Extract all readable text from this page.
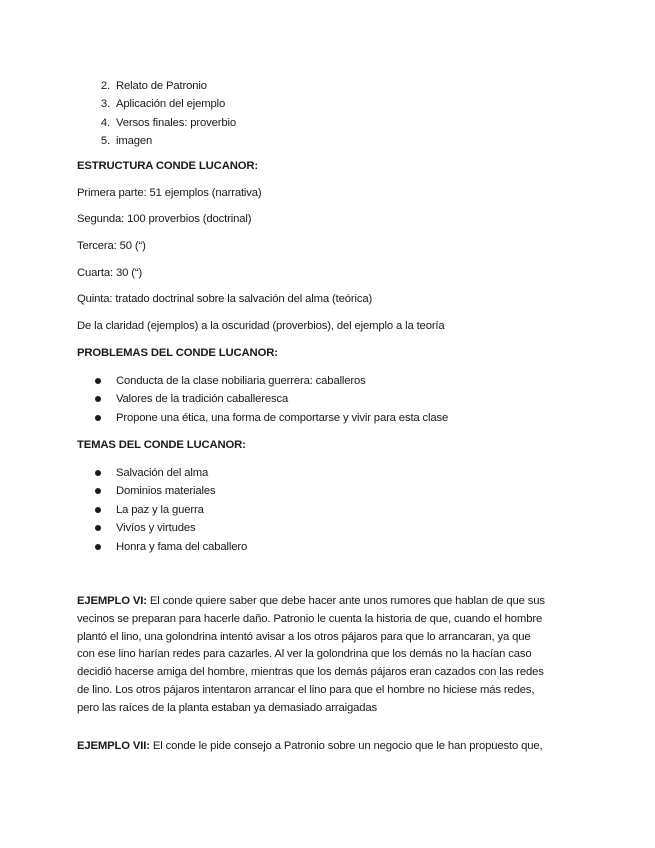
2. Relato de Patronio
3. Aplicación del ejemplo
4. Versos finales: proverbio
5. imagen
ESTRUCTURA CONDE LUCANOR:
Primera parte: 51 ejemplos (narrativa)
Segunda: 100 proverbios (doctrinal)
Tercera: 50 (“)
Cuarta: 30 (“)
Quinta: tratado doctrinal sobre la salvación del alma (teórica)
De la claridad (ejemplos) a la oscuridad (proverbios), del ejemplo a la teoría
PROBLEMAS DEL CONDE LUCANOR:
Conducta de la clase nobiliaria guerrera: caballeros
Valores de la tradición caballeresca
Propone una ética, una forma de comportarse y vivir para esta clase
TEMAS DEL CONDE LUCANOR:
Salvación del alma
Dominios materiales
La paz y la guerra
Vivíos y virtudes
Honra y fama del caballero
EJEMPLO VI: El conde quiere saber que debe hacer ante unos rumores que hablan de que sus
vecinos se preparan para hacerle daño. Patronio le cuenta la historia de que, cuando el hombre
plantó el lino, una golondrina intentó avisar a los otros pájaros para que lo arrancaran, ya que
con ese lino harían redes para cazarles. Al ver la golondrina que los demás no la hacían caso
decidió hacerse amiga del hombre, mientras que los demás pájaros eran cazados con las redes
de lino. Los otros pájaros intentaron arrancar el lino para que el hombre no hiciese más redes,
pero las raíces de la planta estaban ya demasiado arraigadas
EJEMPLO VII: El conde le pide consejo a Patronio sobre un negocio que le han propuesto que,
